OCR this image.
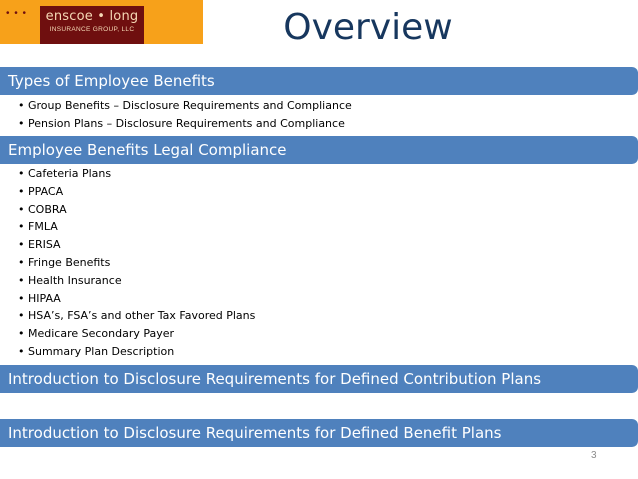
• • •	enscoe • long
INSURANCE GROUP, LLC	Overview
Types of Employee Benefits
• Group Benefits – Disclosure Requirements and Compliance
• Pension Plans – Disclosure Requirements and Compliance
Employee Benefits Legal Compliance
• Cafeteria Plans
• PPACA
• COBRA
• FMLA
• ERISA
• Fringe Benefits
• Health Insurance
• HIPAA
• HSA’s, FSA’s and other Tax Favored Plans
• Medicare Secondary Payer
• Summary Plan Description
Introduction to Disclosure Requirements for Defined Contribution Plans
Introduction to Disclosure Requirements for Defined Benefit Plans
3
